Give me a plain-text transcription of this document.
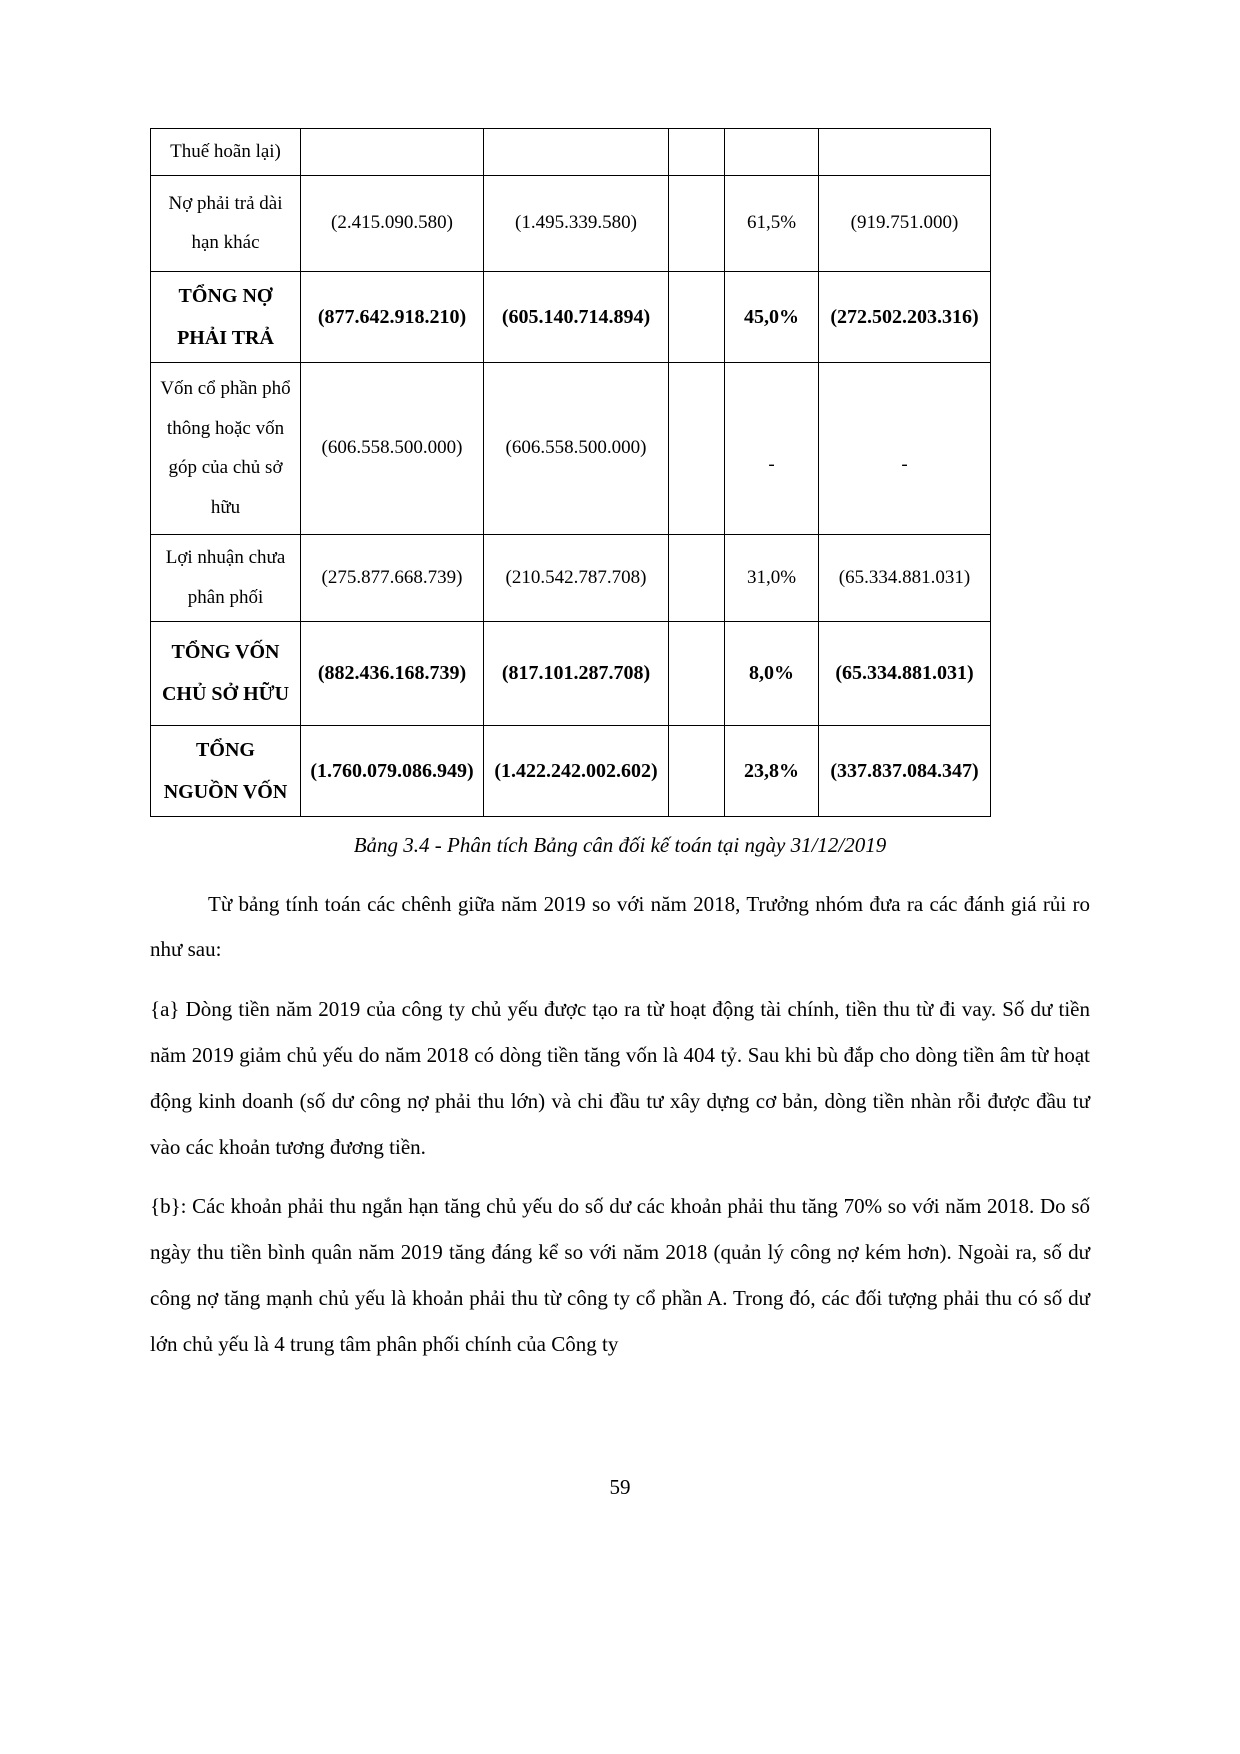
Thuế hoãn lại)					
Nợ phải trả dài hạn khác	(2.415.090.580)	(1.495.339.580)		61,5%	(919.751.000)
TỔNG NỢ PHẢI TRẢ	(877.642.918.210)	(605.140.714.894)		45,0%	(272.502.203.316)
Vốn cổ phần phổ thông hoặc vốn góp của chủ sở hữu	(606.558.500.000)	(606.558.500.000)		-	-
Lợi nhuận chưa phân phối	(275.877.668.739)	(210.542.787.708)		31,0%	(65.334.881.031)
TỔNG VỐN CHỦ SỞ HỮU	(882.436.168.739)	(817.101.287.708)		8,0%	(65.334.881.031)
TỔNG NGUỒN VỐN	(1.760.079.086.949)	(1.422.242.002.602)		23,8%	(337.837.084.347)
Bảng 3.4 - Phân tích Bảng cân đối kế toán tại ngày 31/12/2019

Từ bảng tính toán các chênh giữa năm 2019 so với năm 2018, Trưởng nhóm đưa ra các đánh giá rủi ro như sau:

{a} Dòng tiền năm 2019 của công ty chủ yếu được tạo ra từ hoạt động tài chính, tiền thu từ đi vay. Số dư tiền năm 2019 giảm chủ yếu do năm 2018 có dòng tiền tăng vốn là 404 tỷ. Sau khi bù đắp cho dòng tiền âm từ hoạt động kinh doanh (số dư công nợ phải thu lớn) và chi đầu tư xây dựng cơ bản, dòng tiền nhàn rỗi được đầu tư vào các khoản tương đương tiền.

{b}: Các khoản phải thu ngắn hạn tăng chủ yếu do số dư các khoản phải thu tăng 70% so với năm 2018. Do số ngày thu tiền bình quân năm 2019 tăng đáng kể so với năm 2018 (quản lý công nợ kém hơn). Ngoài ra, số dư công nợ tăng mạnh chủ yếu là khoản phải thu từ công ty cổ phần A. Trong đó, các đối tượng phải thu có số dư lớn chủ yếu là 4 trung tâm phân phối chính của Công ty

59
